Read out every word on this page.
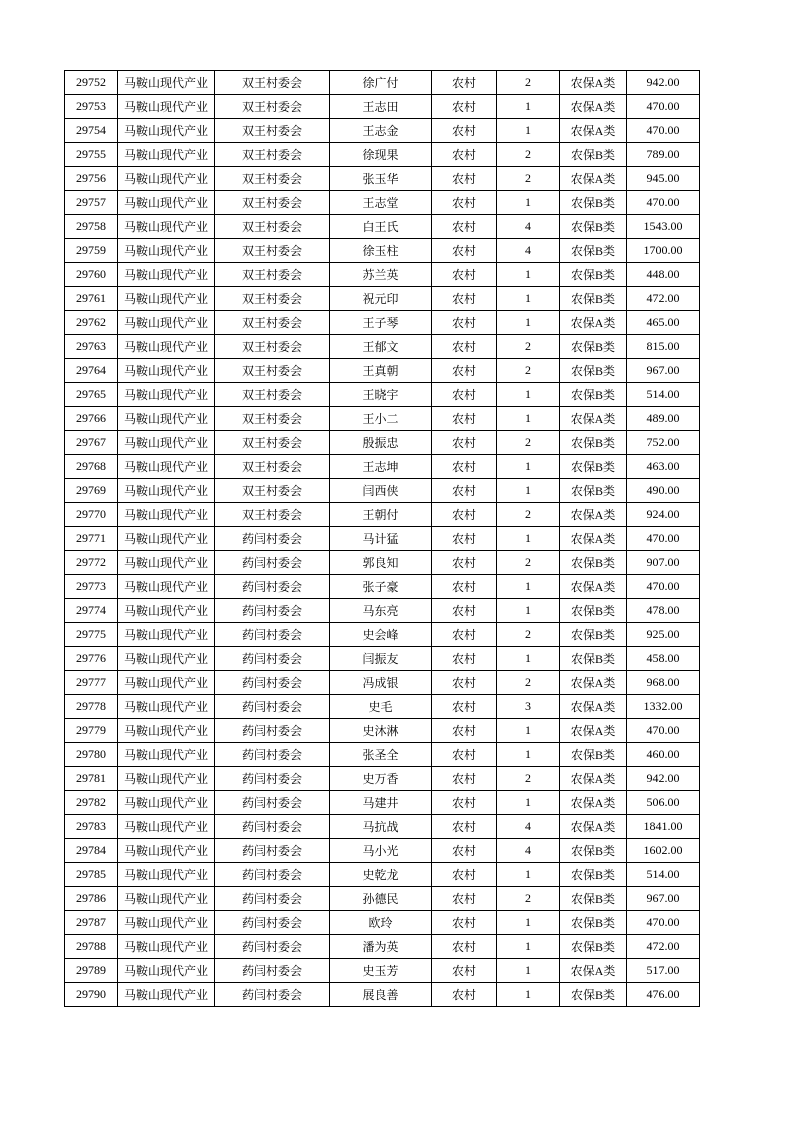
29752	马鞍山现代产业	双王村委会	徐广付	农村	2	农保A类	942.00
29753	马鞍山现代产业	双王村委会	王志田	农村	1	农保A类	470.00
29754	马鞍山现代产业	双王村委会	王志金	农村	1	农保A类	470.00
29755	马鞍山现代产业	双王村委会	徐现果	农村	2	农保B类	789.00
29756	马鞍山现代产业	双王村委会	张玉华	农村	2	农保A类	945.00
29757	马鞍山现代产业	双王村委会	王志堂	农村	1	农保B类	470.00
29758	马鞍山现代产业	双王村委会	白王氏	农村	4	农保B类	1543.00
29759	马鞍山现代产业	双王村委会	徐玉柱	农村	4	农保B类	1700.00
29760	马鞍山现代产业	双王村委会	苏兰英	农村	1	农保B类	448.00
29761	马鞍山现代产业	双王村委会	祝元印	农村	1	农保B类	472.00
29762	马鞍山现代产业	双王村委会	王子琴	农村	1	农保A类	465.00
29763	马鞍山现代产业	双王村委会	王郁文	农村	2	农保B类	815.00
29764	马鞍山现代产业	双王村委会	王真朝	农村	2	农保B类	967.00
29765	马鞍山现代产业	双王村委会	王晓宇	农村	1	农保B类	514.00
29766	马鞍山现代产业	双王村委会	王小二	农村	1	农保A类	489.00
29767	马鞍山现代产业	双王村委会	殷振忠	农村	2	农保B类	752.00
29768	马鞍山现代产业	双王村委会	王志坤	农村	1	农保B类	463.00
29769	马鞍山现代产业	双王村委会	闫西侠	农村	1	农保B类	490.00
29770	马鞍山现代产业	双王村委会	王朝付	农村	2	农保A类	924.00
29771	马鞍山现代产业	药闫村委会	马计猛	农村	1	农保A类	470.00
29772	马鞍山现代产业	药闫村委会	郭良知	农村	2	农保B类	907.00
29773	马鞍山现代产业	药闫村委会	张子豪	农村	1	农保A类	470.00
29774	马鞍山现代产业	药闫村委会	马东亮	农村	1	农保B类	478.00
29775	马鞍山现代产业	药闫村委会	史会峰	农村	2	农保B类	925.00
29776	马鞍山现代产业	药闫村委会	闫振友	农村	1	农保B类	458.00
29777	马鞍山现代产业	药闫村委会	冯成银	农村	2	农保A类	968.00
29778	马鞍山现代产业	药闫村委会	史毛	农村	3	农保A类	1332.00
29779	马鞍山现代产业	药闫村委会	史沐淋	农村	1	农保A类	470.00
29780	马鞍山现代产业	药闫村委会	张圣全	农村	1	农保B类	460.00
29781	马鞍山现代产业	药闫村委会	史万香	农村	2	农保A类	942.00
29782	马鞍山现代产业	药闫村委会	马建井	农村	1	农保A类	506.00
29783	马鞍山现代产业	药闫村委会	马抗战	农村	4	农保A类	1841.00
29784	马鞍山现代产业	药闫村委会	马小光	农村	4	农保B类	1602.00
29785	马鞍山现代产业	药闫村委会	史乾龙	农村	1	农保B类	514.00
29786	马鞍山现代产业	药闫村委会	孙德民	农村	2	农保B类	967.00
29787	马鞍山现代产业	药闫村委会	欧玲	农村	1	农保B类	470.00
29788	马鞍山现代产业	药闫村委会	潘为英	农村	1	农保B类	472.00
29789	马鞍山现代产业	药闫村委会	史玉芳	农村	1	农保A类	517.00
29790	马鞍山现代产业	药闫村委会	展良善	农村	1	农保B类	476.00
